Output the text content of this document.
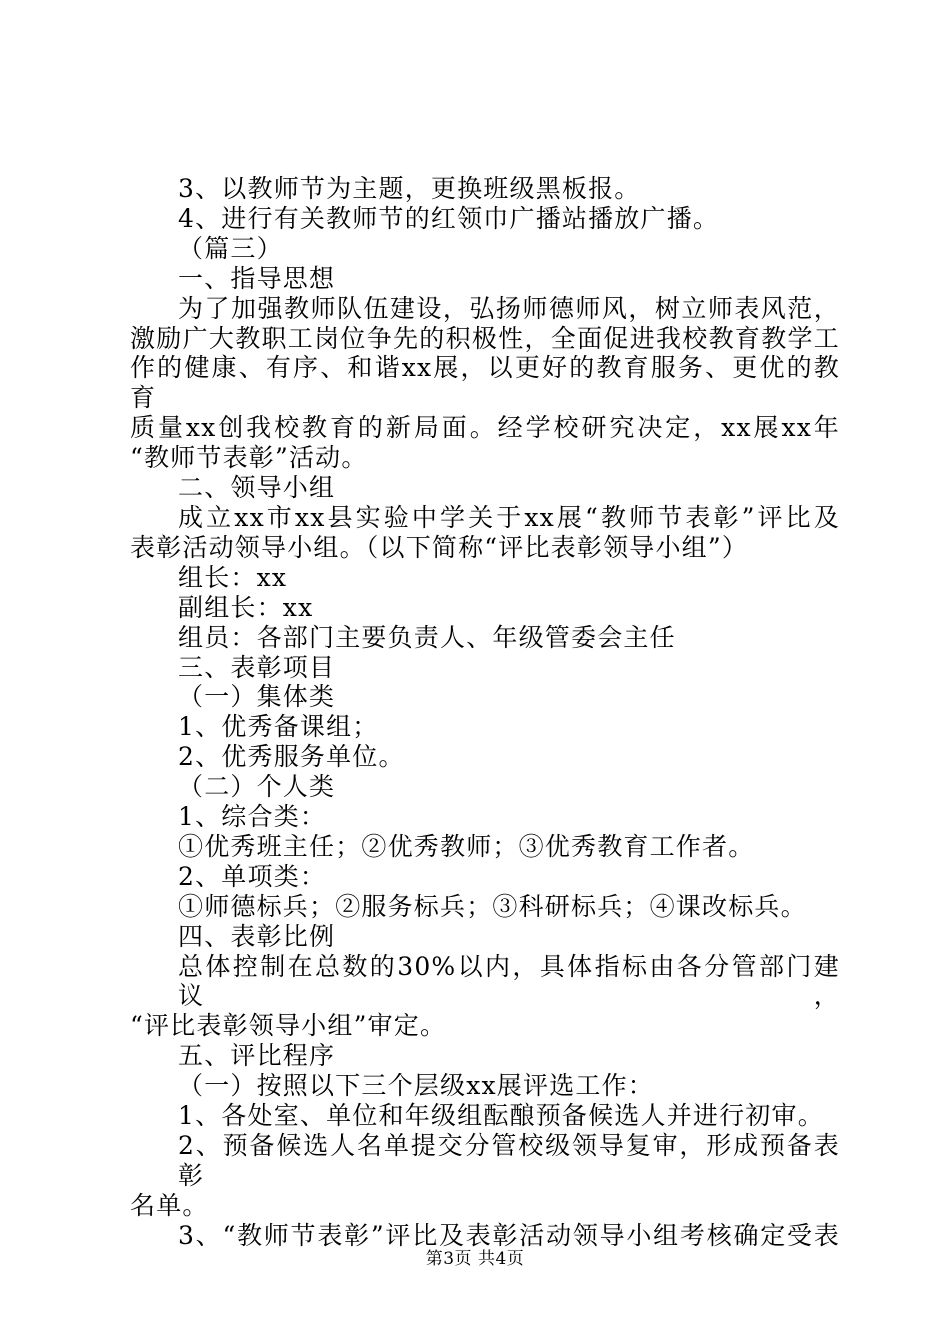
3、以教师节为主题，更换班级黑板报。
4、进行有关教师节的红领巾广播站播放广播。
（篇三）
一、指导思想
为了加强教师队伍建设，弘扬师德师风，树立师表风范，
激励广大教职工岗位争先的积极性，全面促进我校教育教学工
作的健康、有序、和谐xx展，以更好的教育服务、更优的教育
质量xx创我校教育的新局面。经学校研究决定，xx展xx年
“教师节表彰”活动。
二、领导小组
成立xx市xx县实验中学关于xx展“教师节表彰”评比及
表彰活动领导小组。（以下简称“评比表彰领导小组”）
组长：xx
副组长：xx
组员：各部门主要负责人、年级管委会主任
三、表彰项目
（一）集体类
1、优秀备课组；
2、优秀服务单位。
（二）个人类
1、综合类：
①优秀班主任；②优秀教师；③优秀教育工作者。
2、单项类：
①师德标兵；②服务标兵；③科研标兵；④课改标兵。
四、表彰比例
总体控制在总数的30%以内，具体指标由各分管部门建议，
“评比表彰领导小组”审定。
五、评比程序
（一）按照以下三个层级xx展评选工作：
1、各处室、单位和年级组酝酿预备候选人并进行初审。
2、预备候选人名单提交分管校级领导复审，形成预备表彰
名单。
3、“教师节表彰”评比及表彰活动领导小组考核确定受表
第3页 共4页
